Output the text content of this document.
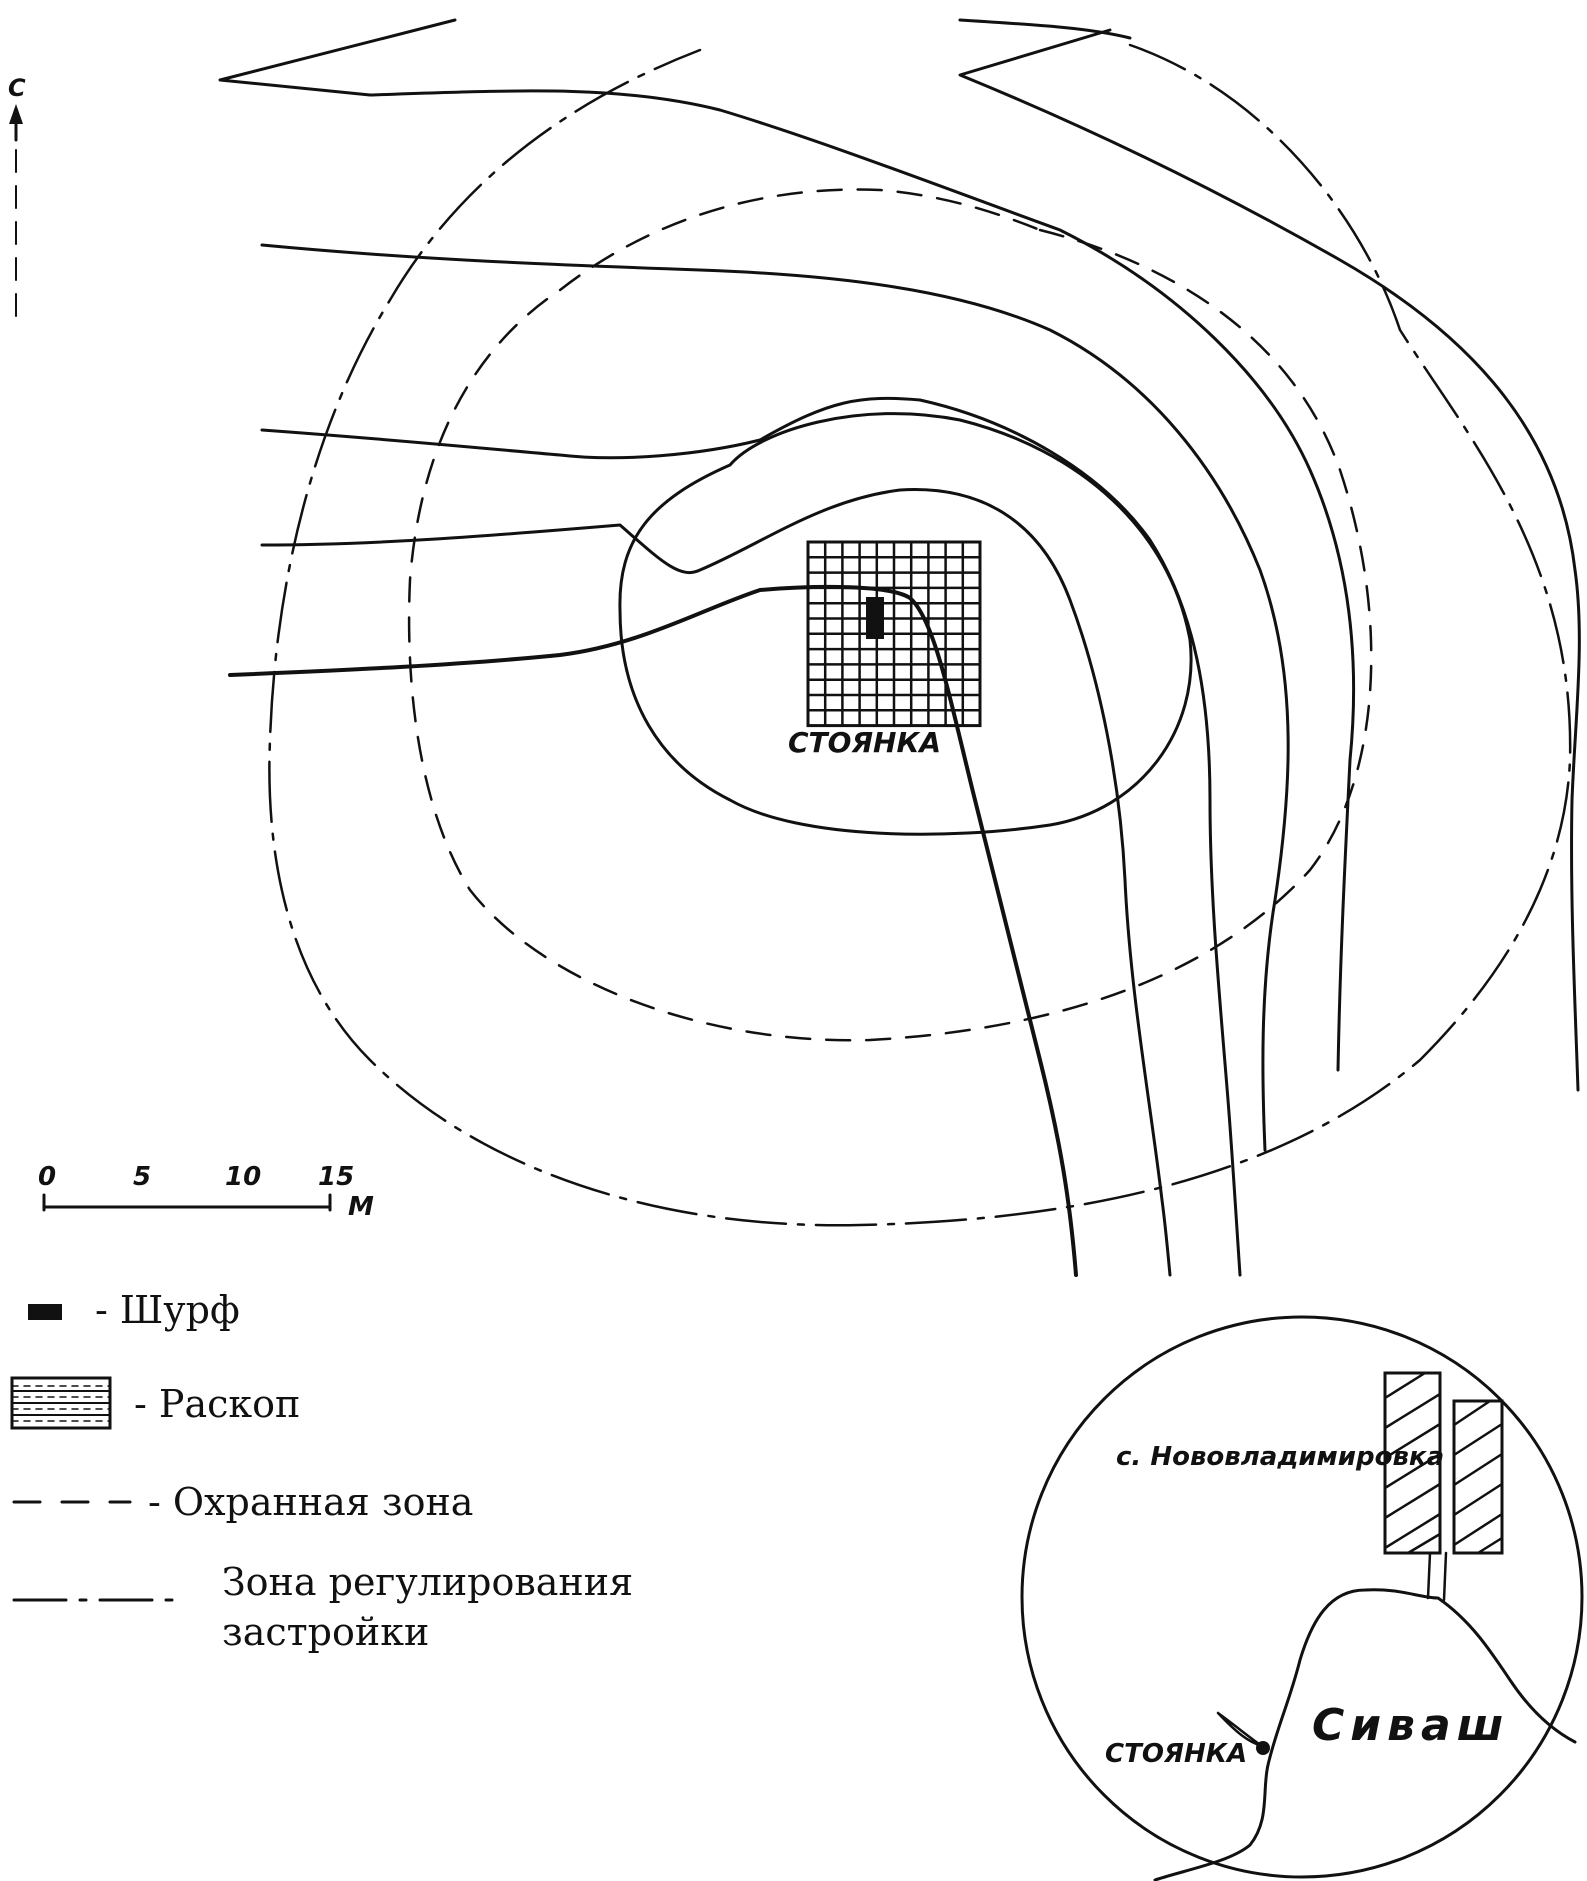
С
СТОЯНКА
0	5	10 15
М
с. Нововладимировка
Сиваш
СТОЯНКА
- Шурф
- Раскоп
- Охранная зона
Зона регулирования
застройки
